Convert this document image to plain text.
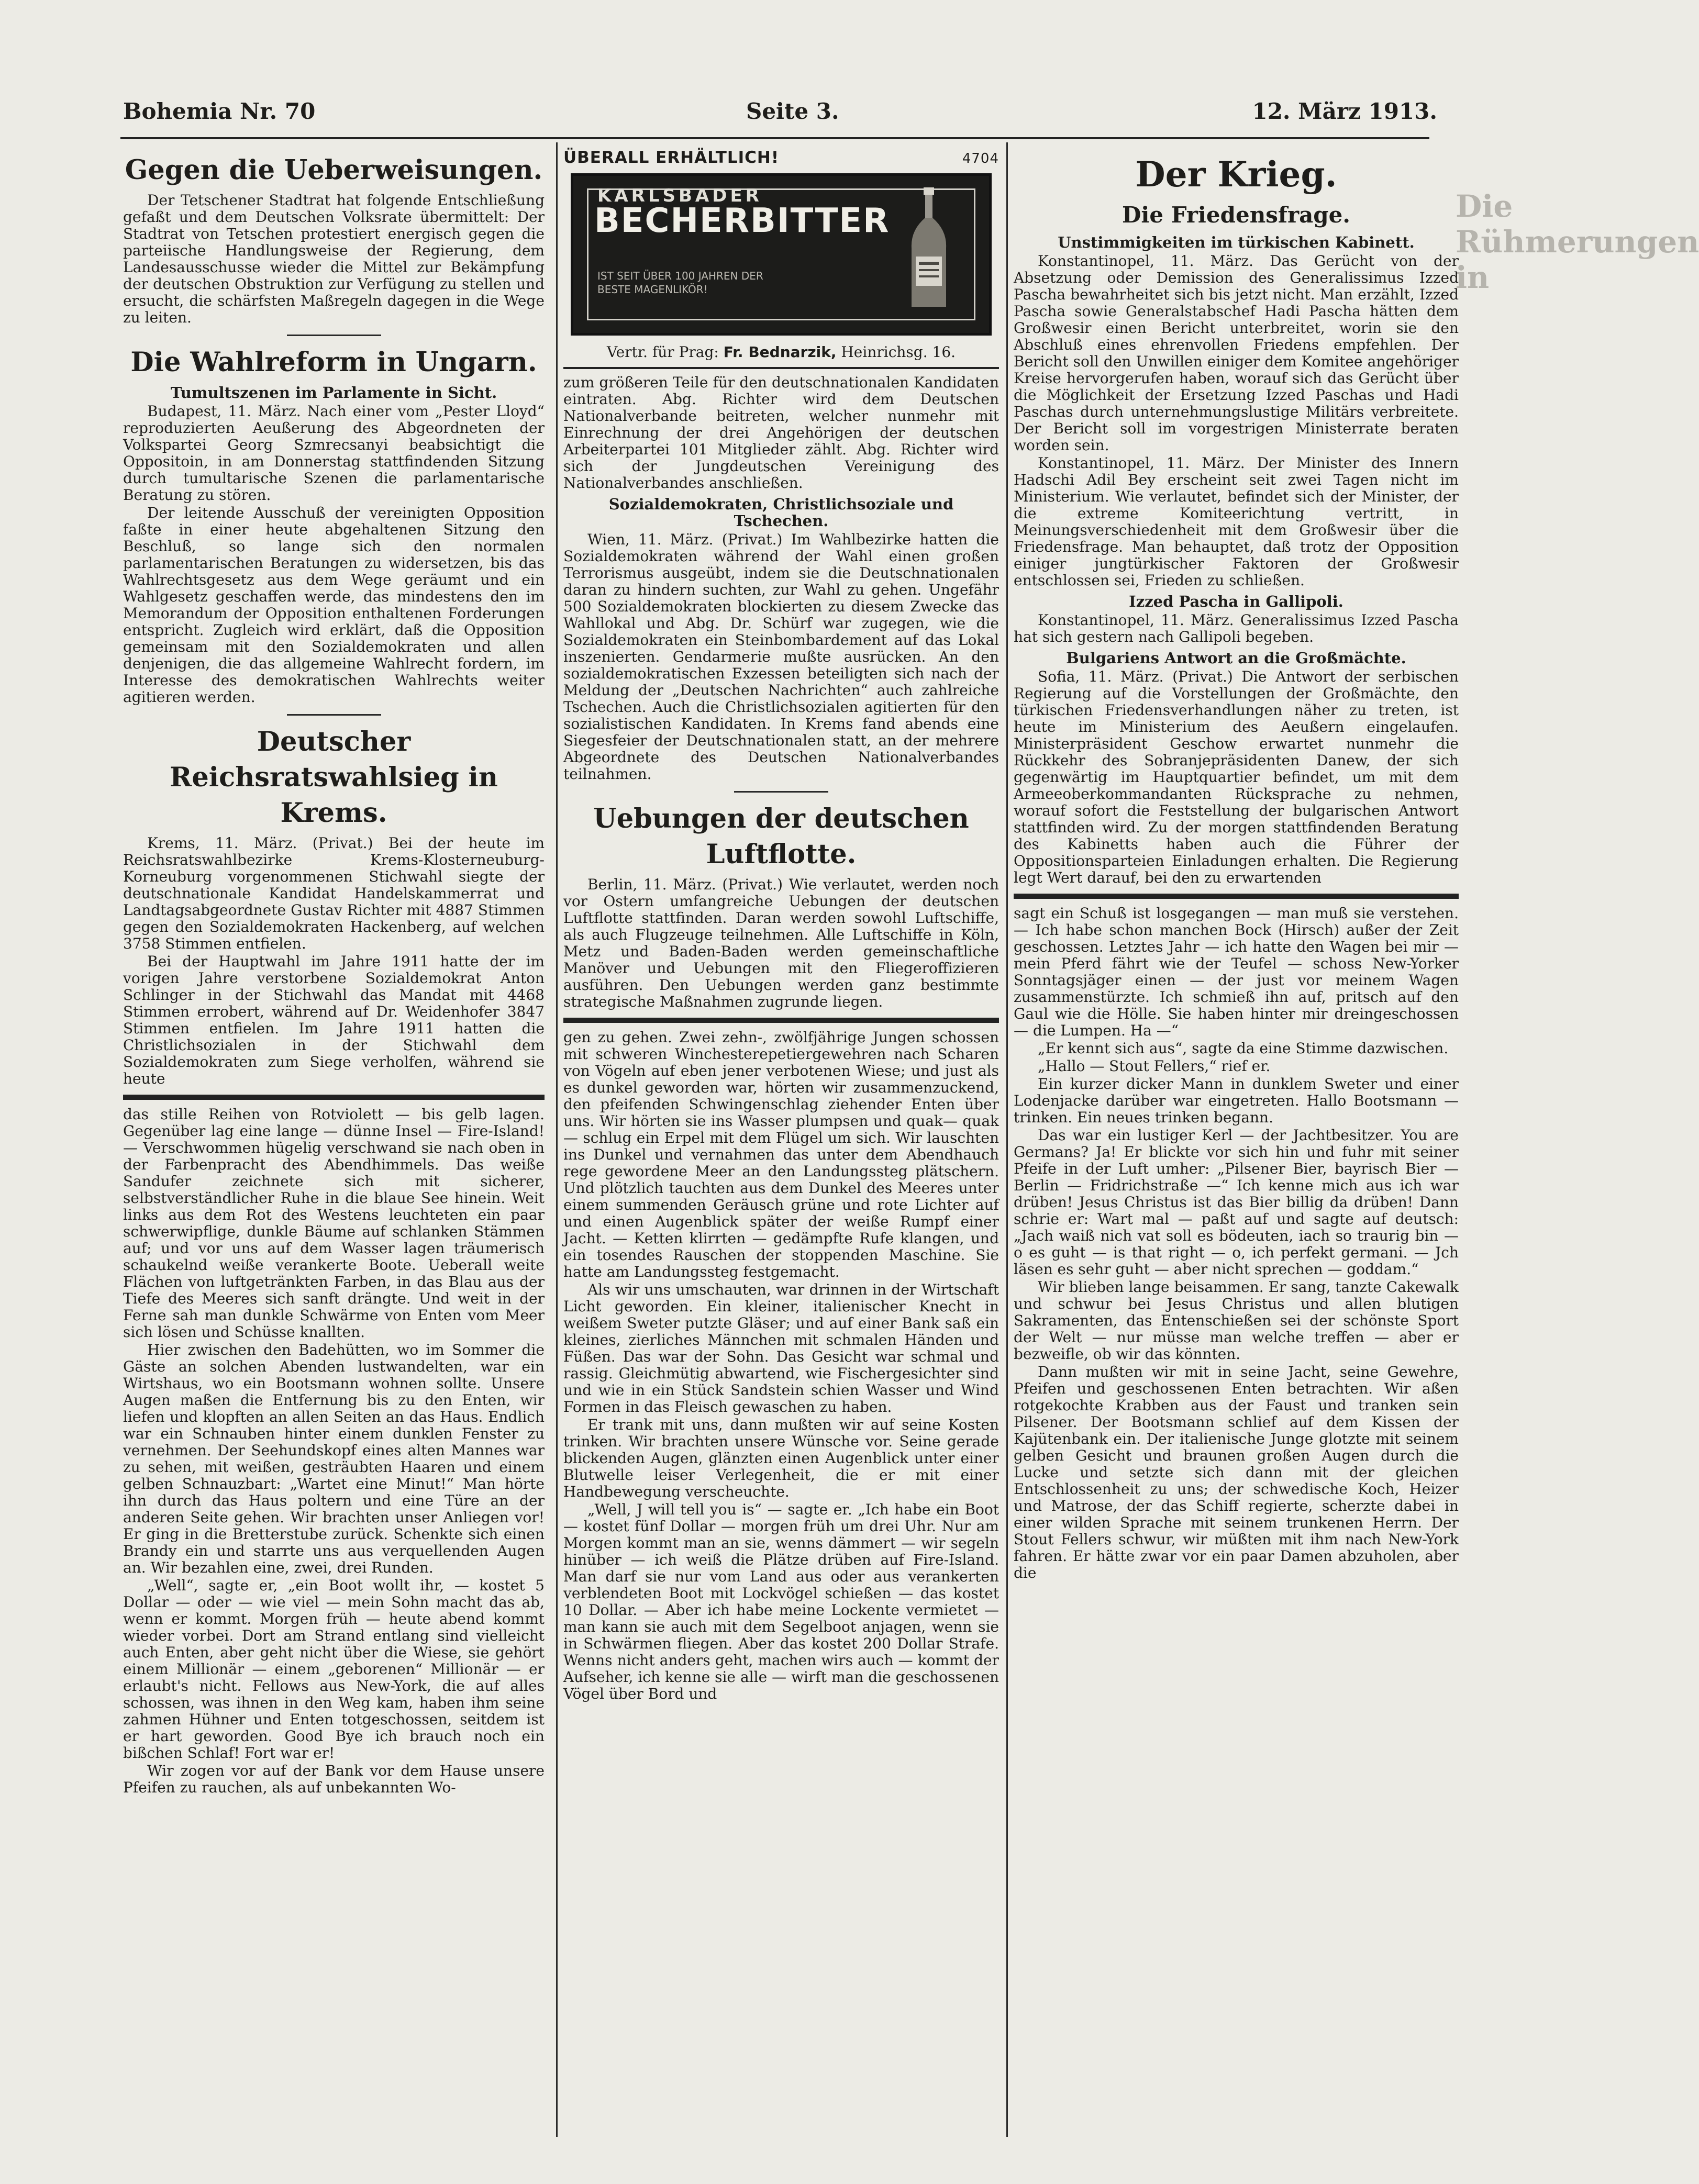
Die Rühmerungen in
Bohemia Nr. 70	Seite 3.	12. März 1913.
Gegen die Ueberweisungen.

Der Tetschener Stadtrat hat folgende Entschließung gefaßt und dem Deutschen Volksrate übermittelt: Der Stadtrat von Tetschen protestiert energisch gegen die parteiische Handlungsweise der Regierung, dem Landesausschusse wieder die Mittel zur Bekämpfung der deutschen Obstruktion zur Verfügung zu stellen und ersucht, die schärfsten Maßregeln dagegen in die Wege zu leiten.

Die Wahlreform in Ungarn.
Tumultszenen im Parlamente in Sicht.

Budapest, 11. März. Nach einer vom „Pester Lloyd“ reproduzierten Aeußerung des Abgeordneten der Volkspartei Georg Szmrecsanyi beabsichtigt die Oppositoin, in am Donnerstag stattfindenden Sitzung durch tumultarische Szenen die parlamentarische Beratung zu stören.

Der leitende Ausschuß der vereinigten Opposition faßte in einer heute abgehaltenen Sitzung den Beschluß, so lange sich den normalen parlamentarischen Beratungen zu widersetzen, bis das Wahlrechtsgesetz aus dem Wege geräumt und ein Wahlgesetz geschaffen werde, das mindestens den im Memorandum der Opposition enthaltenen Forderungen entspricht. Zugleich wird erklärt, daß die Opposition gemeinsam mit den Sozialdemokraten und allen denjenigen, die das allgemeine Wahlrecht fordern, im Interesse des demokratischen Wahlrechts weiter agitieren werden.

Deutscher Reichsratswahlsieg in Krems.

Krems, 11. März. (Privat.) Bei der heute im Reichsratswahlbezirke Krems-Klosterneuburg-Korneuburg vorgenommenen Stichwahl siegte der deutschnationale Kandidat Handelskammerrat und Landtagsabgeordnete Gustav Richter mit 4887 Stimmen gegen den Sozialdemokraten Hackenberg, auf welchen 3758 Stimmen entfielen.

Bei der Hauptwahl im Jahre 1911 hatte der im vorigen Jahre verstorbene Sozialdemokrat Anton Schlinger in der Stichwahl das Mandat mit 4468 Stimmen errobert, während auf Dr. Weidenhofer 3847 Stimmen entfielen. Im Jahre 1911 hatten die Christlichsozialen in der Stichwahl dem Sozialdemokraten zum Siege verholfen, während sie heute

das stille Reihen von Rotviolett — bis gelb lagen. Gegenüber lag eine lange — dünne Insel — Fire-Island! — Verschwommen hügelig verschwand sie nach oben in der Farbenpracht des Abendhimmels. Das weiße Sandufer zeichnete sich mit sicherer, selbstverständlicher Ruhe in die blaue See hinein. Weit links aus dem Rot des Westens leuchteten ein paar schwerwipflige, dunkle Bäume auf schlanken Stämmen auf; und vor uns auf dem Wasser lagen träumerisch schaukelnd weiße verankerte Boote. Ueberall weite Flächen von luftgetränkten Farben, in das Blau aus der Tiefe des Meeres sich sanft drängte. Und weit in der Ferne sah man dunkle Schwärme von Enten vom Meer sich lösen und Schüsse knallten.

Hier zwischen den Badehütten, wo im Sommer die Gäste an solchen Abenden lustwandelten, war ein Wirtshaus, wo ein Bootsmann wohnen sollte. Unsere Augen maßen die Entfernung bis zu den Enten, wir liefen und klopften an allen Seiten an das Haus. Endlich war ein Schnauben hinter einem dunklen Fenster zu vernehmen. Der Seehundskopf eines alten Mannes war zu sehen, mit weißen, gesträubten Haaren und einem gelben Schnauzbart: „Wartet eine Minut!“ Man hörte ihn durch das Haus poltern und eine Türe an der anderen Seite gehen. Wir brachten unser Anliegen vor! Er ging in die Bretterstube zurück. Schenkte sich einen Brandy ein und starrte uns aus verquellenden Augen an. Wir bezahlen eine, zwei, drei Runden.

„Well“, sagte er, „ein Boot wollt ihr, — kostet 5 Dollar — oder — wie viel — mein Sohn macht das ab, wenn er kommt. Morgen früh — heute abend kommt wieder vorbei. Dort am Strand entlang sind vielleicht auch Enten, aber geht nicht über die Wiese, sie gehört einem Millionär — einem „geborenen“ Millionär — er erlaubt's nicht. Fellows aus New-York, die auf alles schossen, was ihnen in den Weg kam, haben ihm seine zahmen Hühner und Enten totgeschossen, seitdem ist er hart geworden. Good Bye ich brauch noch ein bißchen Schlaf! Fort war er!

Wir zogen vor auf der Bank vor dem Hause unsere Pfeifen zu rauchen, als auf unbekannten Wo-

ÜBERALL ERHÄLTLICH!	4704
KARLSBADER
BECHERBITTER
IST SEIT ÜBER 100 JAHREN DER BESTE MAGENLIKÖR!
Vertr. für Prag: Fr. Bednarzik, Heinrichsg. 16.

zum größeren Teile für den deutschnationalen Kandidaten eintraten. Abg. Richter wird dem Deutschen Nationalverbande beitreten, welcher nunmehr mit Einrechnung der drei Angehörigen der deutschen Arbeiterpartei 101 Mitglieder zählt. Abg. Richter wird sich der Jungdeutschen Vereinigung des Nationalverbandes anschließen.

Sozialdemokraten, Christlichsoziale und Tschechen.

Wien, 11. März. (Privat.) Im Wahlbezirke hatten die Sozialdemokraten während der Wahl einen großen Terrorismus ausgeübt, indem sie die Deutschnationalen daran zu hindern suchten, zur Wahl zu gehen. Ungefähr 500 Sozialdemokraten blockierten zu diesem Zwecke das Wahllokal und Abg. Dr. Schürf war zugegen, wie die Sozialdemokraten ein Steinbombardement auf das Lokal inszenierten. Gendarmerie mußte ausrücken. An den sozialdemokratischen Exzessen beteiligten sich nach der Meldung der „Deutschen Nachrichten“ auch zahlreiche Tschechen. Auch die Christlichsozialen agitierten für den sozialistischen Kandidaten. In Krems fand abends eine Siegesfeier der Deutschnationalen statt, an der mehrere Abgeordnete des Deutschen Nationalverbandes teilnahmen.

Uebungen der deutschen Luftflotte.

Berlin, 11. März. (Privat.) Wie verlautet, werden noch vor Ostern umfangreiche Uebungen der deutschen Luftflotte stattfinden. Daran werden sowohl Luftschiffe, als auch Flugzeuge teilnehmen. Alle Luftschiffe in Köln, Metz und Baden-Baden werden gemeinschaftliche Manöver und Uebungen mit den Fliegeroffizieren ausführen. Den Uebungen werden ganz bestimmte strategische Maßnahmen zugrunde liegen.

gen zu gehen. Zwei zehn-, zwölfjährige Jungen schossen mit schweren Winchesterepetiergewehren nach Scharen von Vögeln auf eben jener verbotenen Wiese; und just als es dunkel geworden war, hörten wir zusammenzuckend, den pfeifenden Schwingenschlag ziehender Enten über uns. Wir hörten sie ins Wasser plumpsen und quak— quak— schlug ein Erpel mit dem Flügel um sich. Wir lauschten ins Dunkel und vernahmen das unter dem Abendhauch rege gewordene Meer an den Landungssteg plätschern. Und plötzlich tauchten aus dem Dunkel des Meeres unter einem summenden Geräusch grüne und rote Lichter auf und einen Augenblick später der weiße Rumpf einer Jacht. — Ketten klirrten — gedämpfte Rufe klangen, und ein tosendes Rauschen der stoppenden Maschine. Sie hatte am Landungssteg festgemacht.

Als wir uns umschauten, war drinnen in der Wirtschaft Licht geworden. Ein kleiner, italienischer Knecht in weißem Sweter putzte Gläser; und auf einer Bank saß ein kleines, zierliches Männchen mit schmalen Händen und Füßen. Das war der Sohn. Das Gesicht war schmal und rassig. Gleichmütig abwartend, wie Fischergesichter sind und wie in ein Stück Sandstein schien Wasser und Wind Formen in das Fleisch gewaschen zu haben.

Er trank mit uns, dann mußten wir auf seine Kosten trinken. Wir brachten unsere Wünsche vor. Seine gerade blickenden Augen, glänzten einen Augenblick unter einer Blutwelle leiser Verlegenheit, die er mit einer Handbewegung verscheuchte.

„Well, J will tell you is“ — sagte er. „Ich habe ein Boot — kostet fünf Dollar — morgen früh um drei Uhr. Nur am Morgen kommt man an sie, wenns dämmert — wir segeln hinüber — ich weiß die Plätze drüben auf Fire-Island. Man darf sie nur vom Land aus oder aus verankerten verblendeten Boot mit Lockvögel schießen — das kostet 10 Dollar. — Aber ich habe meine Lockente vermietet — man kann sie auch mit dem Segelboot anjagen, wenn sie in Schwärmen fliegen. Aber das kostet 200 Dollar Strafe. Wenns nicht anders geht, machen wirs auch — kommt der Aufseher, ich kenne sie alle — wirft man die geschossenen Vögel über Bord und

Der Krieg.
Die Friedensfrage.
Unstimmigkeiten im türkischen Kabinett.

Konstantinopel, 11. März. Das Gerücht von der Absetzung oder Demission des Generalissimus Izzed Pascha bewahrheitet sich bis jetzt nicht. Man erzählt, Izzed Pascha sowie Generalstabschef Hadi Pascha hätten dem Großwesir einen Bericht unterbreitet, worin sie den Abschluß eines ehrenvollen Friedens empfehlen. Der Bericht soll den Unwillen einiger dem Komitee angehöriger Kreise hervorgerufen haben, worauf sich das Gerücht über die Möglichkeit der Ersetzung Izzed Paschas und Hadi Paschas durch unternehmungslustige Militärs verbreitete. Der Bericht soll im vorgestrigen Ministerrate beraten worden sein.

Konstantinopel, 11. März. Der Minister des Innern Hadschi Adil Bey erscheint seit zwei Tagen nicht im Ministerium. Wie verlautet, befindet sich der Minister, der die extreme Komiteerichtung vertritt, in Meinungsverschiedenheit mit dem Großwesir über die Friedensfrage. Man behauptet, daß trotz der Opposition einiger jungtürkischer Faktoren der Großwesir entschlossen sei, Frieden zu schließen.

Izzed Pascha in Gallipoli.

Konstantinopel, 11. März. Generalissimus Izzed Pascha hat sich gestern nach Gallipoli begeben.

Bulgariens Antwort an die Großmächte.

Sofia, 11. März. (Privat.) Die Antwort der serbischen Regierung auf die Vorstellungen der Großmächte, den türkischen Friedensverhandlungen näher zu treten, ist heute im Ministerium des Aeußern eingelaufen. Ministerpräsident Geschow erwartet nunmehr die Rückkehr des Sobranjepräsidenten Danew, der sich gegenwärtig im Hauptquartier befindet, um mit dem Armeeoberkommandanten Rücksprache zu nehmen, worauf sofort die Feststellung der bulgarischen Antwort stattfinden wird. Zu der morgen stattfindenden Beratung des Kabinetts haben auch die Führer der Oppositionsparteien Einladungen erhalten. Die Regierung legt Wert darauf, bei den zu erwartenden

sagt ein Schuß ist losgegangen — man muß sie verstehen. — Ich habe schon manchen Bock (Hirsch) außer der Zeit geschossen. Letztes Jahr — ich hatte den Wagen bei mir — mein Pferd fährt wie der Teufel — schoss New-Yorker Sonntagsjäger einen — der just vor meinem Wagen zusammenstürzte. Ich schmieß ihn auf, pritsch auf den Gaul wie die Hölle. Sie haben hinter mir dreingeschossen — die Lumpen. Ha —“

„Er kennt sich aus“, sagte da eine Stimme dazwischen.

„Hallo — Stout Fellers,“ rief er.

Ein kurzer dicker Mann in dunklem Sweter und einer Lodenjacke darüber war eingetreten. Hallo Bootsmann — trinken. Ein neues trinken begann.

Das war ein lustiger Kerl — der Jachtbesitzer. You are Germans? Ja! Er blickte vor sich hin und fuhr mit seiner Pfeife in der Luft umher: „Pilsener Bier, bayrisch Bier — Berlin — Fridrichstraße —“ Ich kenne mich aus ich war drüben! Jesus Christus ist das Bier billig da drüben! Dann schrie er: Wart mal — paßt auf und sagte auf deutsch: „Jach waiß nich vat soll es bödeuten, iach so traurig bin — o es guht — is that right — o, ich perfekt germani. — Jch läsen es sehr guht — aber nicht sprechen — goddam.“

Wir blieben lange beisammen. Er sang, tanzte Cakewalk und schwur bei Jesus Christus und allen blutigen Sakramenten, das Entenschießen sei der schönste Sport der Welt — nur müsse man welche treffen — aber er bezweifle, ob wir das könnten.

Dann mußten wir mit in seine Jacht, seine Gewehre, Pfeifen und geschossenen Enten betrachten. Wir aßen rotgekochte Krabben aus der Faust und tranken sein Pilsener. Der Bootsmann schlief auf dem Kissen der Kajütenbank ein. Der italienische Junge glotzte mit seinem gelben Gesicht und braunen großen Augen durch die Lucke und setzte sich dann mit der gleichen Entschlossenheit zu uns; der schwedische Koch, Heizer und Matrose, der das Schiff regierte, scherzte dabei in einer wilden Sprache mit seinem trunkenen Herrn. Der Stout Fellers schwur, wir müßten mit ihm nach New-York fahren. Er hätte zwar vor ein paar Damen abzuholen, aber die
